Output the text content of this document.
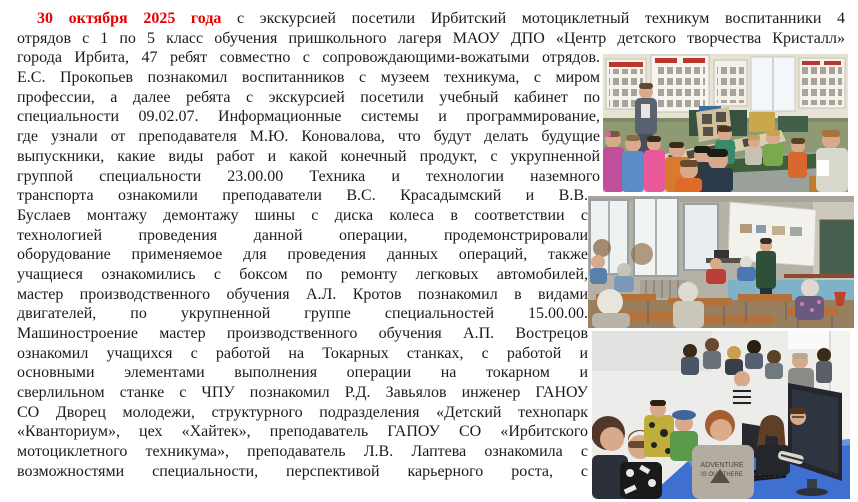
30 октября 2025 года с экскурсией посетили Ирбитский мотоциклетный техникум воспитанники 4
отрядов с 1 по 5 класс обучения пришкольного лагеря МАОУ ДПО «Центр детского творчества Кристалл»
города Ирбита, 47 ребят совместно с сопровождающими-вожатыми отрядов.
Е.С. Прокопьев познакомил воспитанников с музеем техникума, с миром
профессии, а далее ребята с экскурсией посетили учебный кабинет по
специальности 09.02.07. Информационные системы и программирование,
где узнали от преподавателя М.Ю. Коновалова, что будут делать будущие
выпускники, какие виды работ и какой конечный продукт, с укрупненной
группой специальности 23.00.00 Техника и технологии наземного
транспорта ознакомили преподаватели В.С. Красадымский и В.В.
Буслаев монтажу демонтажу шины с диска колеса в соответствии с
технологией проведения данной операции, продемонстрировали
оборудование применяемое для проведения данных операций, также
учащиеся ознакомились с боксом по ремонту легковых автомобилей,
мастер производственного обучения А.Л. Кротов познакомил в видами
двигателей, по укрупненной группе специальностей 15.00.00.
Машиностроение мастер производственного обучения А.П. Вострецов
ознакомил учащихся с работой на Токарных станках, с работой и
основными элементами выполнения операции на токарном и
сверлильном станке с ЧПУ познакомил Р.Д. Завьялов инженер ГАНОУ
СО Дворец молодежи, структурного подразделения «Детский технопарк
«Кванториум», цех «Хайтек», преподаватель ГАПОУ СО «Ирбитского
мотоциклетного техникума», преподаватель Л.В. Лаптева ознакомила с
возможностями специальности, перспективой карьерного роста, с	ADVENTURE
IS OUT THERE
